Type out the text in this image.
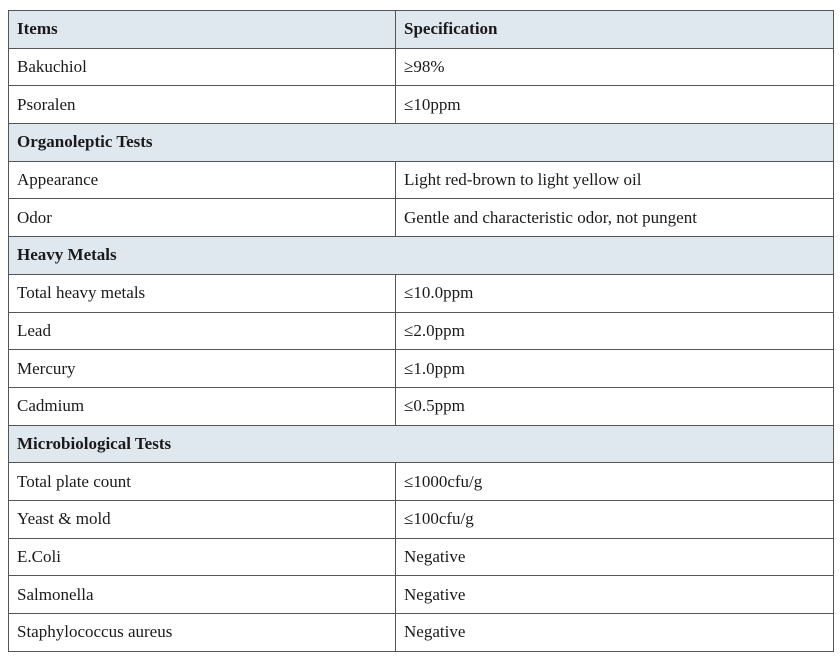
Items	Specification
Bakuchiol	≥98%
Psoralen	≤10ppm
Organoleptic Tests	
Appearance	Light red-brown to light yellow oil
Odor	Gentle and characteristic odor, not pungent
Heavy Metals	
Total heavy metals	≤10.0ppm
Lead	≤2.0ppm
Mercury	≤1.0ppm
Cadmium	≤0.5ppm
Microbiological Tests	
Total plate count	≤1000cfu/g
Yeast & mold	≤100cfu/g
E.Coli	Negative
Salmonella	Negative
Staphylococcus aureus	Negative
